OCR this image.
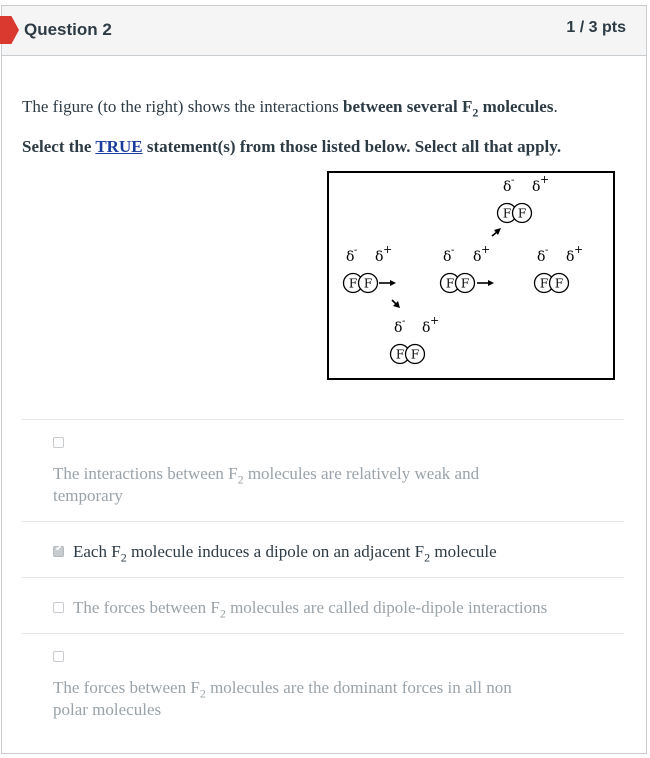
Question 2	1 / 3 pts
The figure (to the right) shows the interactions between several $F_2$ molecules.
Select the TRUE statement(s) from those listed below. Select all that apply.
F F
δ - δ +
F F
δ - δ +
F F
δ - δ +
F F
δ - δ +
F F
δ - δ +
The interactions between $F_2$ molecules are relatively weak and
temporary
✔ Each $F_2$ molecule induces a dipole on an adjacent $F_2$ molecule
The forces between $F_2$ molecules are called dipole-dipole interactions
The forces between $F_2$ molecules are the dominant forces in all non
polar molecules
